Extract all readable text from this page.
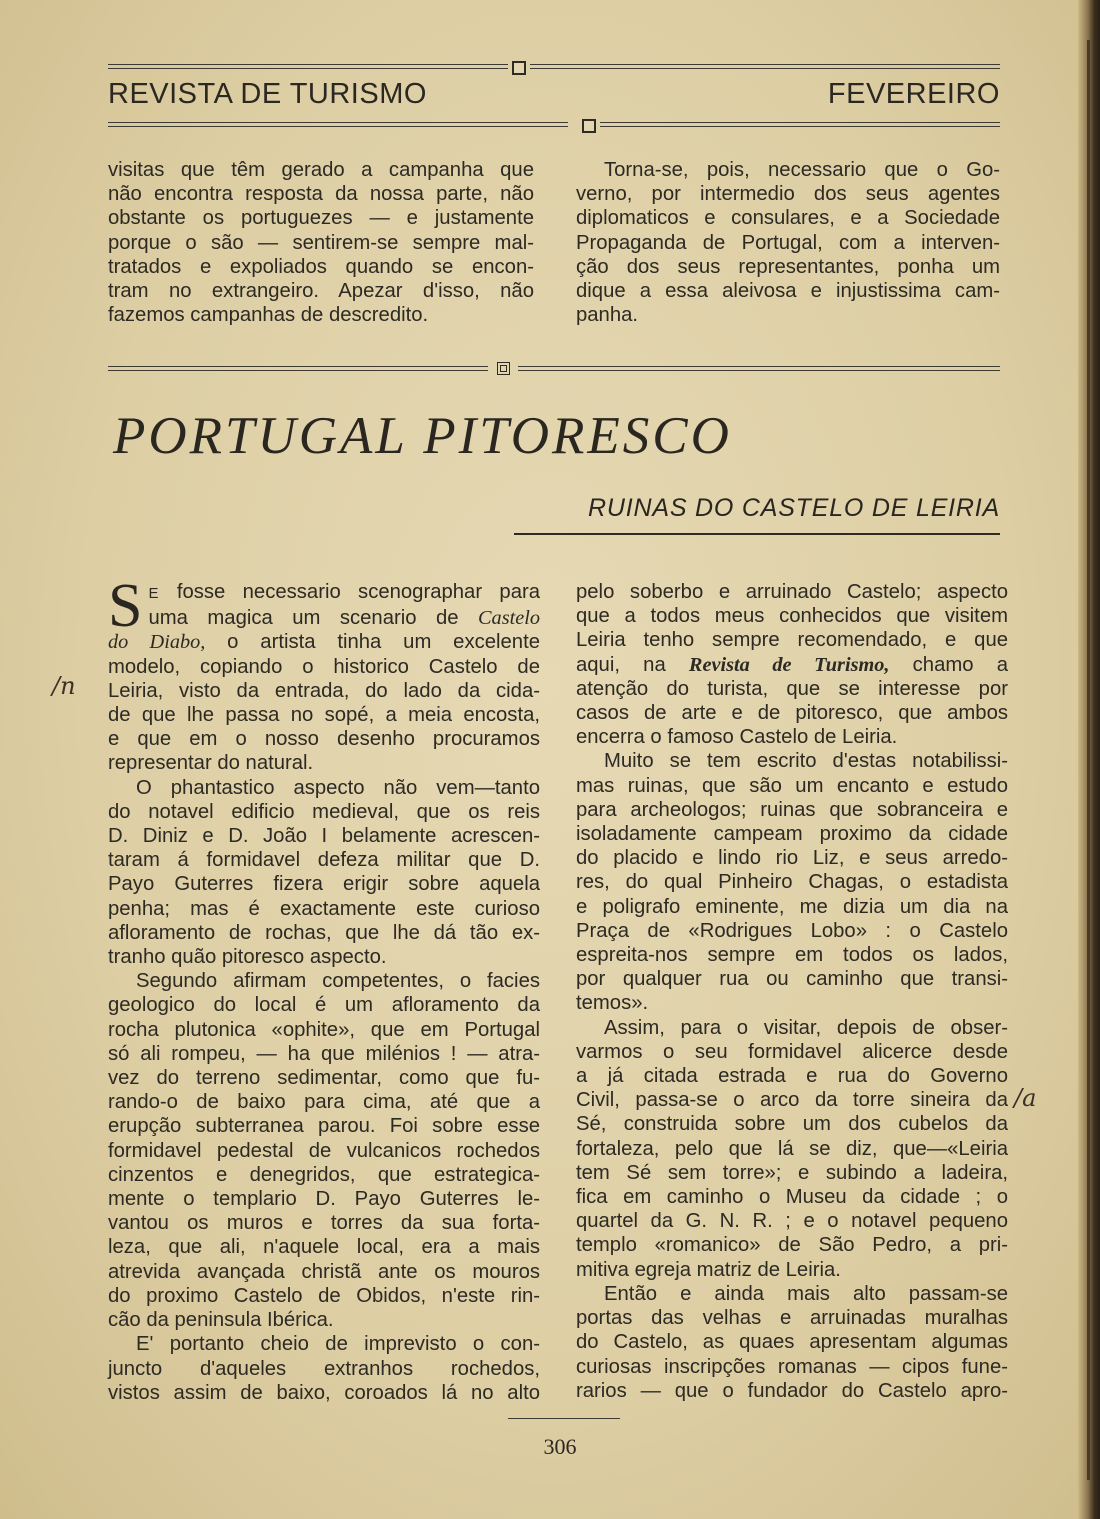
REVISTA DE TURISMO	FEVEREIRO

visitas que têm gerado a campanha que

não encontra resposta da nossa parte, não

obstante os portuguezes — e justamente

porque o são — sentirem-se sempre mal-

tratados e expoliados quando se encon-

tram no extrangeiro. Apezar d'isso, não

fazemos campanhas de descredito.

Torna-se, pois, necessario que o Go-

verno, por intermedio dos seus agentes

diplomaticos e consulares, e a Sociedade

Propaganda de Portugal, com a interven-

ção dos seus representantes, ponha um

dique a essa aleivosa e injustissima cam-

panha.

PORTUGAL PITORESCO
RUINAS DO CASTELO DE LEIRIA
S E fosse necessario scenographar para

uma magica um scenario de Castelo

do Diabo, o artista tinha um excelente

modelo, copiando o historico Castelo de

Leiria, visto da entrada, do lado da cida-

de que lhe passa no sopé, a meia encosta,

e que em o nosso desenho procuramos

representar do natural.

O phantastico aspecto não vem—tanto

do notavel edificio medieval, que os reis

D. Diniz e D. João I belamente acrescen-

taram á formidavel defeza militar que D.

Payo Guterres fizera erigir sobre aquela

penha; mas é exactamente este curioso

afloramento de rochas, que lhe dá tão ex-

tranho quão pitoresco aspecto.

Segundo afirmam competentes, o facies

geologico do local é um afloramento da

rocha plutonica «ophite», que em Portugal

só ali rompeu, — ha que milénios ! — atra-

vez do terreno sedimentar, como que fu-

rando-o de baixo para cima, até que a

erupção subterranea parou. Foi sobre esse

formidavel pedestal de vulcanicos rochedos

cinzentos e denegridos, que estrategica-

mente o templario D. Payo Guterres le-

vantou os muros e torres da sua forta-

leza, que ali, n'aquele local, era a mais

atrevida avançada christã ante os mouros

do proximo Castelo de Obidos, n'este rin-

cão da peninsula Ibérica.

E' portanto cheio de imprevisto o con-

juncto d'aqueles extranhos rochedos,

vistos assim de baixo, coroados lá no alto

pelo soberbo e arruinado Castelo; aspecto

que a todos meus conhecidos que visitem

Leiria tenho sempre recomendado, e que

aqui, na Revista de Turismo, chamo a

atenção do turista, que se interesse por

casos de arte e de pitoresco, que ambos

encerra o famoso Castelo de Leiria.

Muito se tem escrito d'estas notabilissi-

mas ruinas, que são um encanto e estudo

para archeologos; ruinas que sobranceira e

isoladamente campeam proximo da cidade

do placido e lindo rio Liz, e seus arredo-

res, do qual Pinheiro Chagas, o estadista

e poligrafo eminente, me dizia um dia na

Praça de «Rodrigues Lobo» : o Castelo

espreita-nos sempre em todos os lados,

por qualquer rua ou caminho que transi-

temos».

Assim, para o visitar, depois de obser-

varmos o seu formidavel alicerce desde

a já citada estrada e rua do Governo

Civil, passa-se o arco da torre sineira da

Sé, construida sobre um dos cubelos da

fortaleza, pelo que lá se diz, que—«Leiria

tem Sé sem torre»; e subindo a ladeira,

fica em caminho o Museu da cidade ; o

quartel da G. N. R. ; e o notavel pequeno

templo «romanico» de São Pedro, a pri-

mitiva egreja matriz de Leiria.

Então e ainda mais alto passam-se

portas das velhas e arruinadas muralhas

do Castelo, as quaes apresentam algumas

curiosas inscripções romanas — cipos fune-

rarios — que o fundador do Castelo apro-

/n
/a
306
